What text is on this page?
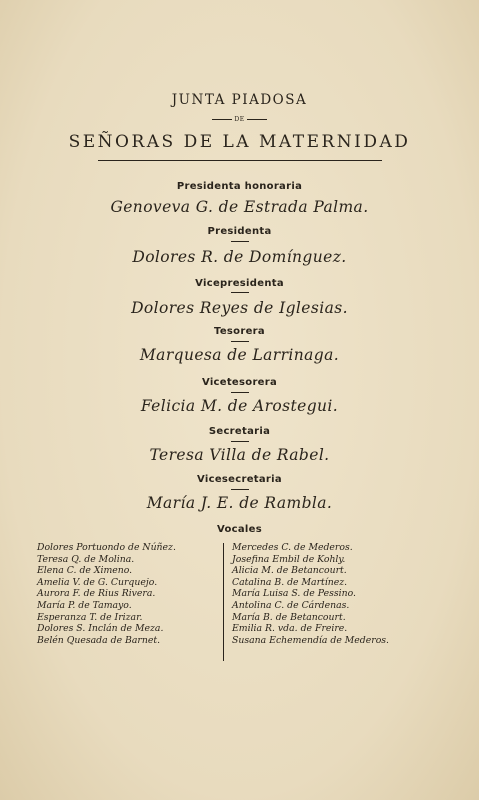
JUNTA PIADOSA
DE
SEÑORAS DE LA MATERNIDAD
Presidenta honoraria
Genoveva G. de Estrada Palma.
Presidenta
Dolores R. de Domínguez.
Vicepresidenta
Dolores Reyes de Iglesias.
Tesorera
Marquesa de Larrinaga.
Vicetesorera
Felicia M. de Arostegui.
Secretaria
Teresa Villa de Rabel.
Vicesecretaria
María J. E. de Rambla.
Vocales
Dolores Portuondo de Núñez.
Teresa Q. de Molina.
Elena C. de Ximeno.
Amelia V. de G. Curquejo.
Aurora F. de Rius Rivera.
María P. de Tamayo.
Esperanza T. de Irizar.
Dolores S. Inclán de Meza.
Belén Quesada de Barnet.
Mercedes C. de Mederos.
Josefina Embil de Kohly.
Alicia M. de Betancourt.
Catalina B. de Martínez.
María Luisa S. de Pessino.
Antolina C. de Cárdenas.
María B. de Betancourt.
Emilia R. vda. de Freire.
Susana Echemendía de Mederos.
